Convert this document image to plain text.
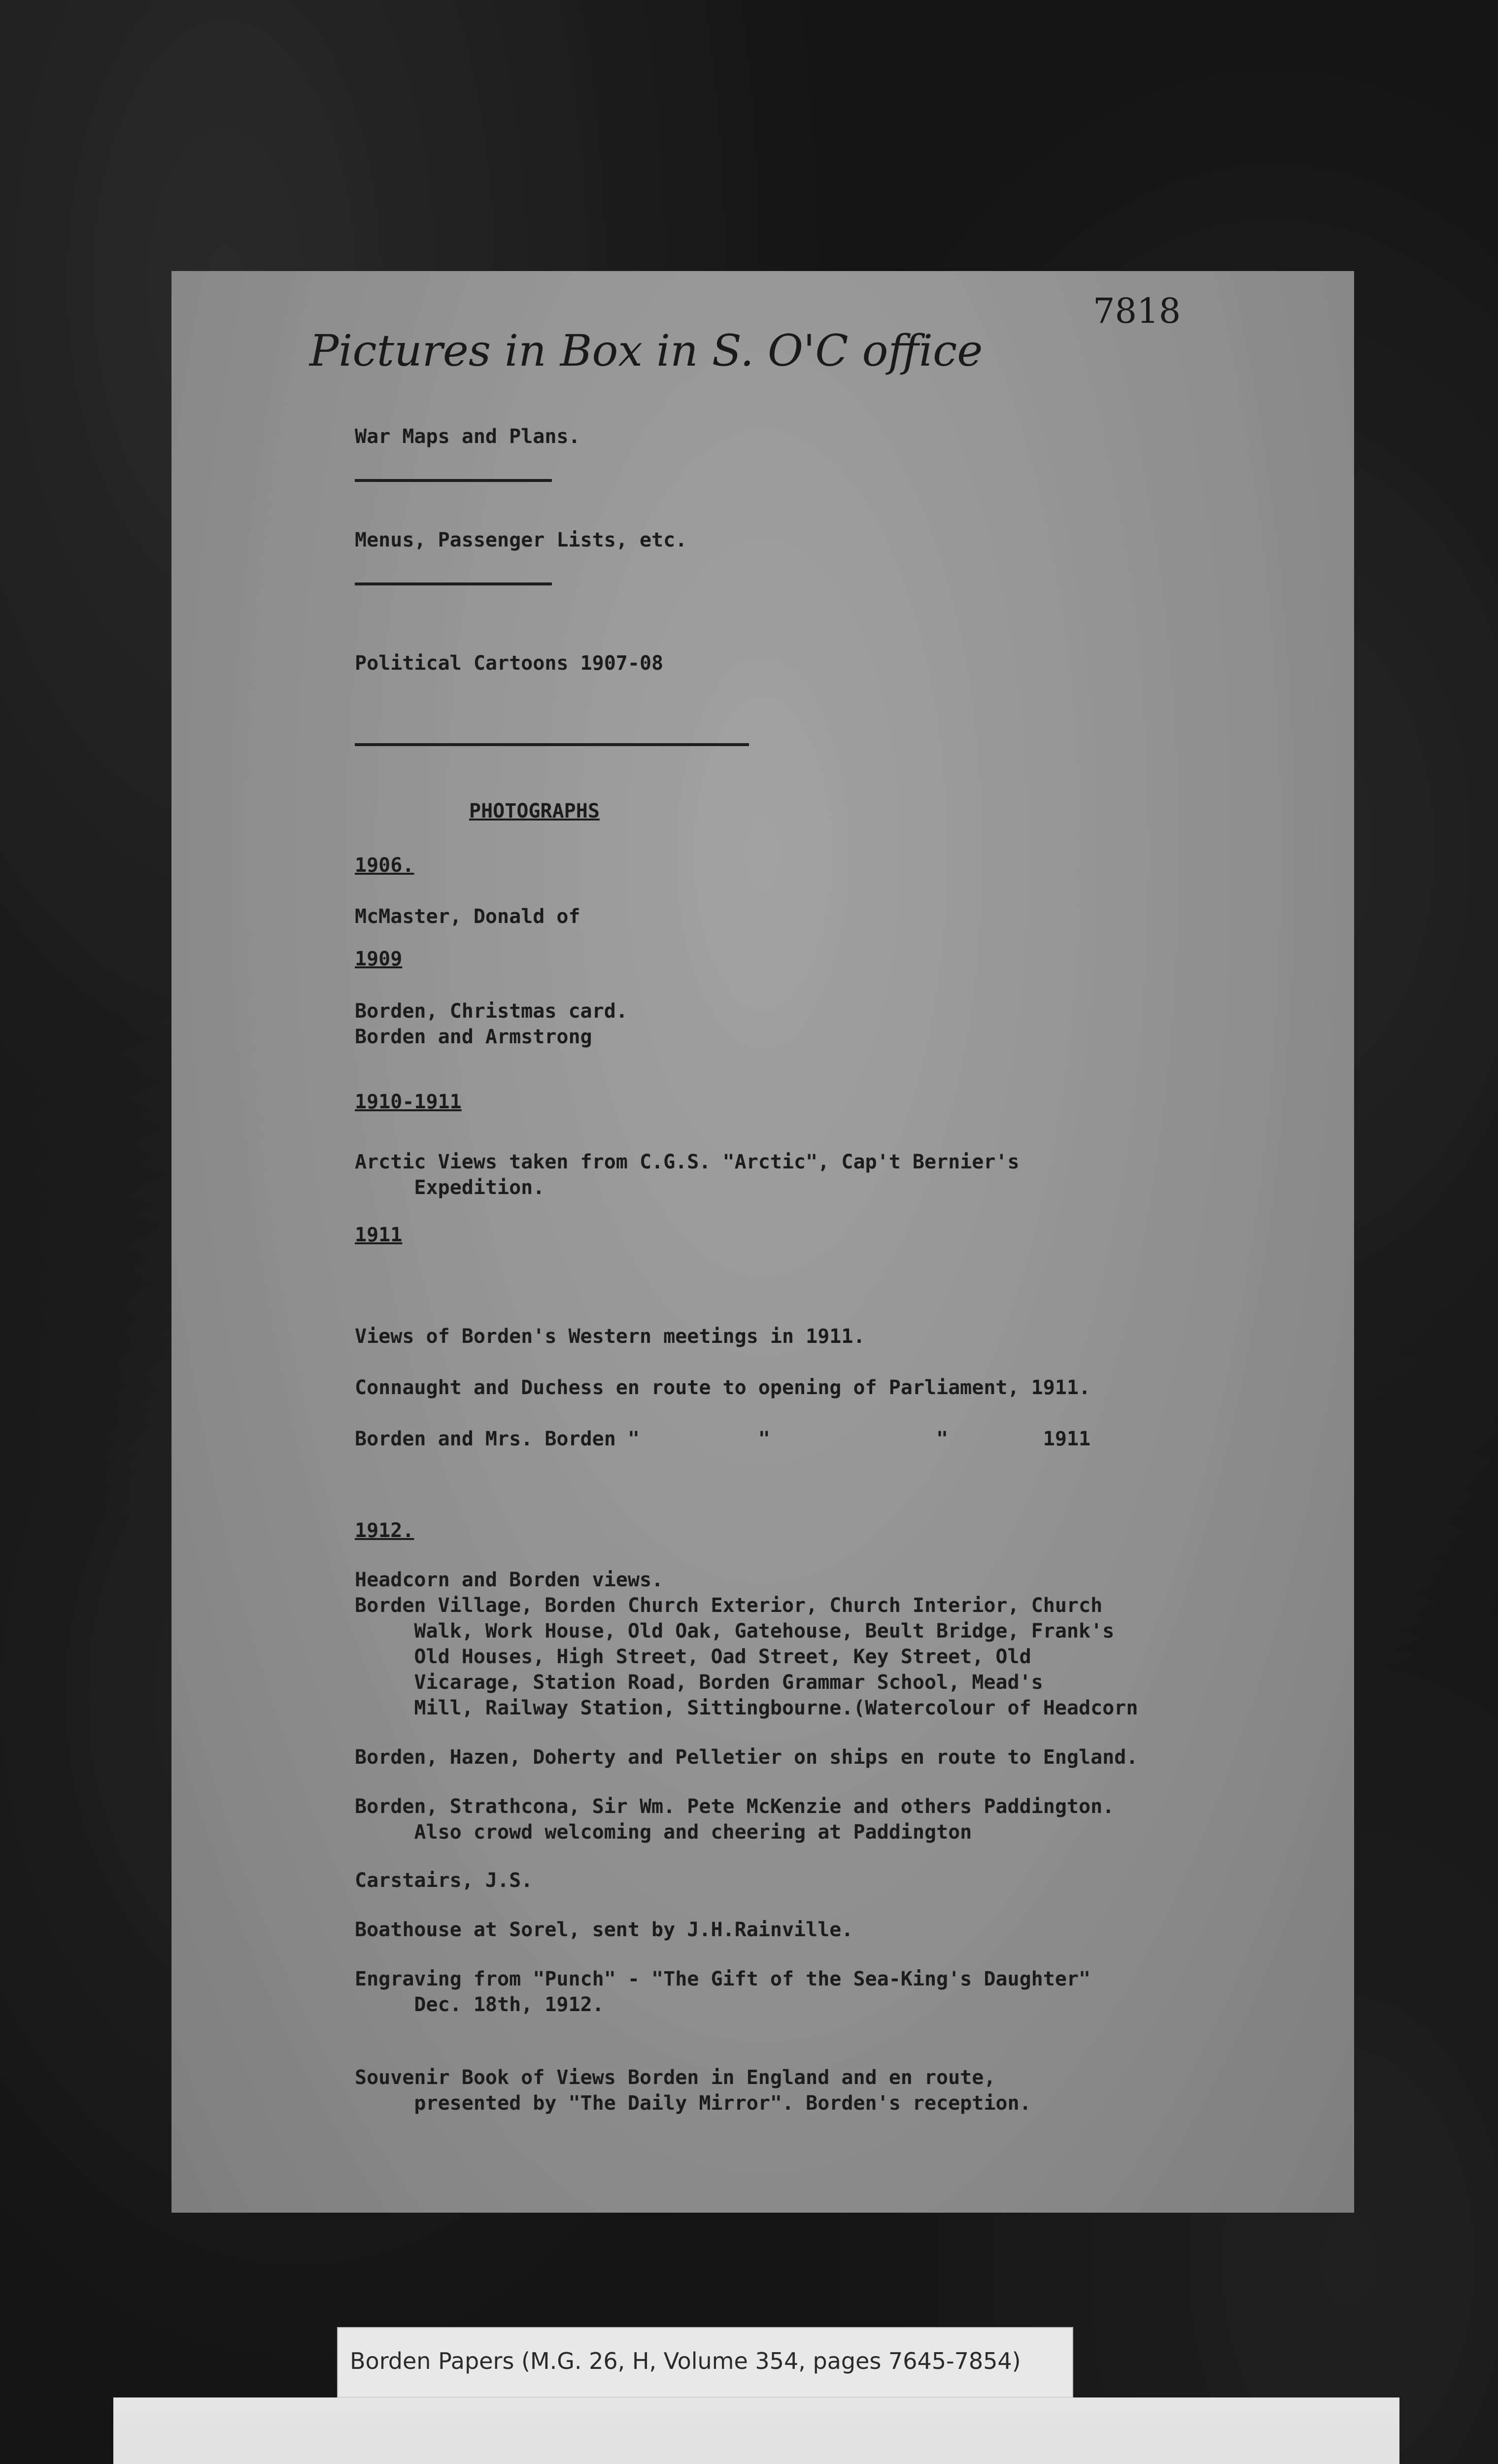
7818
Pictures in Box in S. O'C office
War Maps and Plans.
Menus, Passenger Lists, etc.
Political Cartoons 1907-08
PHOTOGRAPHS
1906.
McMaster, Donald of
1909
Borden, Christmas card.
Borden and Armstrong
1910-1911
Arctic Views taken from C.G.S. "Arctic", Cap't Bernier's
Expedition.
1911
Views of Borden's Western meetings in 1911.
Connaught and Duchess en route to opening of Parliament, 1911.
Borden and Mrs. Borden "          "              "        1911
1912.
Headcorn and Borden views.
Borden Village, Borden Church Exterior, Church Interior, Church
Walk, Work House, Old Oak, Gatehouse, Beult Bridge, Frank's
Old Houses, High Street, Oad Street, Key Street, Old
Vicarage, Station Road, Borden Grammar School, Mead's
Mill, Railway Station, Sittingbourne.(Watercolour of Headcorn
Borden, Hazen, Doherty and Pelletier on ships en route to England.
Borden, Strathcona, Sir Wm. Pete McKenzie and others Paddington.
Also crowd welcoming and cheering at Paddington
Carstairs, J.S.
Boathouse at Sorel, sent by J.H.Rainville.
Engraving from "Punch" - "The Gift of the Sea-King's Daughter"
Dec. 18th, 1912.
Souvenir Book of Views Borden in England and en route,
presented by "The Daily Mirror". Borden's reception.
Borden Papers (M.G. 26, H, Volume 354, pages 7645-7854)
